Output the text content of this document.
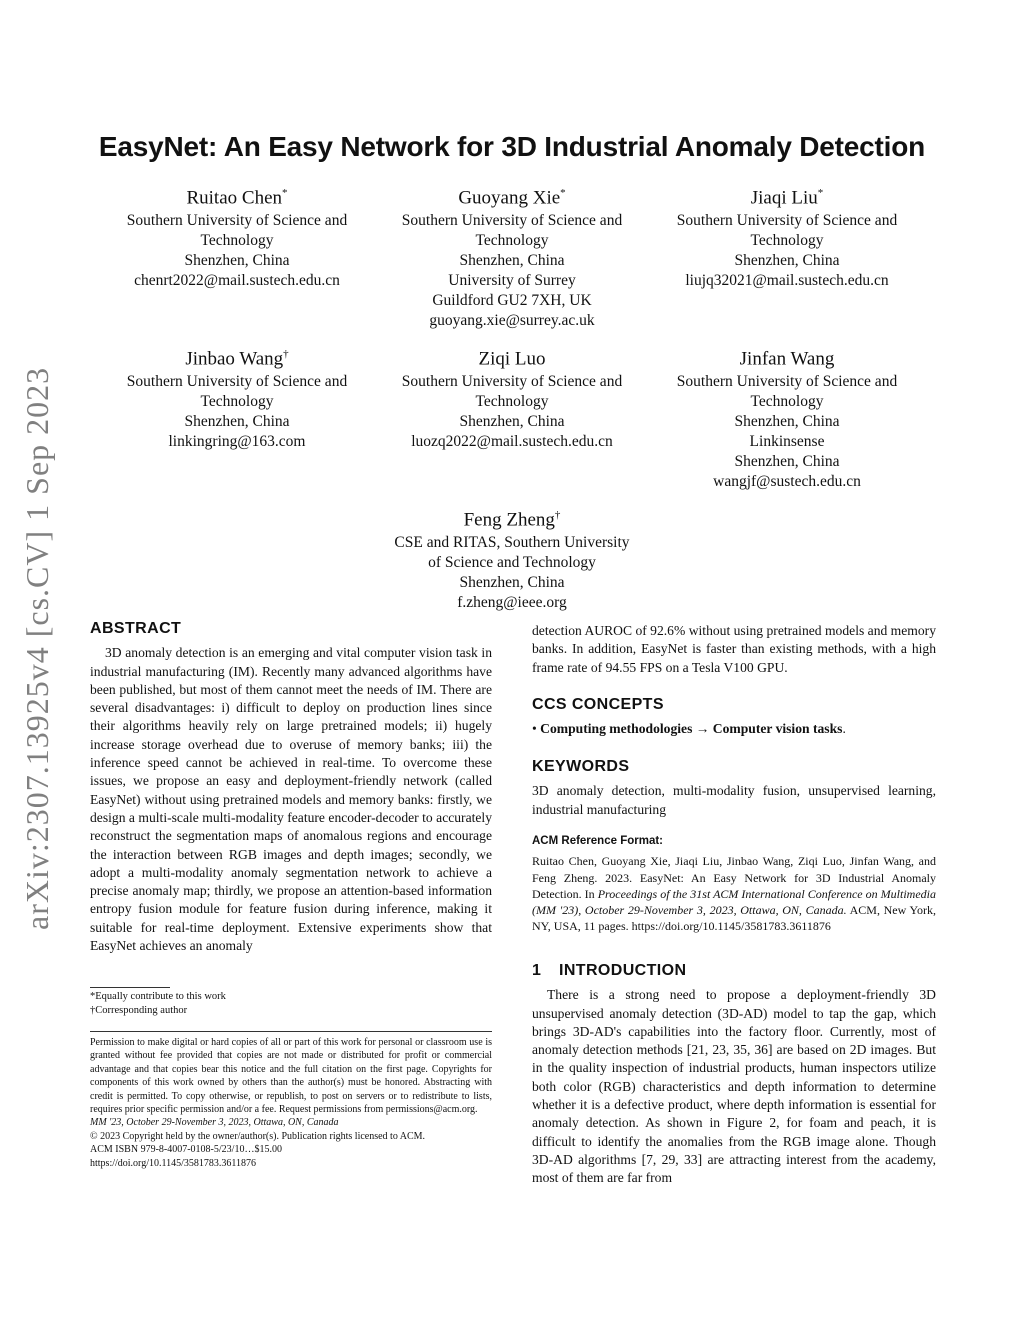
arXiv:2307.13925v4 [cs.CV] 1 Sep 2023
EasyNet: An Easy Network for 3D Industrial Anomaly Detection
Ruitao Chen*
Southern University of Science and
Technology
Shenzhen, China
chenrt2022@mail.sustech.edu.cn
Guoyang Xie*
Southern University of Science and
Technology
Shenzhen, China
University of Surrey
Guildford GU2 7XH, UK
guoyang.xie@surrey.ac.uk
Jiaqi Liu*
Southern University of Science and
Technology
Shenzhen, China
liujq32021@mail.sustech.edu.cn
Jinbao Wang†
Southern University of Science and
Technology
Shenzhen, China
linkingring@163.com
Ziqi Luo
Southern University of Science and
Technology
Shenzhen, China
luozq2022@mail.sustech.edu.cn
Jinfan Wang
Southern University of Science and
Technology
Shenzhen, China
Linkinsense
Shenzhen, China
wangjf@sustech.edu.cn
Feng Zheng†
CSE and RITAS, Southern University
of Science and Technology
Shenzhen, China
f.zheng@ieee.org
ABSTRACT

3D anomaly detection is an emerging and vital computer vision task in industrial manufacturing (IM). Recently many advanced algorithms have been published, but most of them cannot meet the needs of IM. There are several disadvantages: i) difficult to deploy on production lines since their algorithms heavily rely on large pretrained models; ii) hugely increase storage overhead due to overuse of memory banks; iii) the inference speed cannot be achieved in real-time. To overcome these issues, we propose an easy and deployment-friendly network (called EasyNet) without using pretrained models and memory banks: firstly, we design a multi-scale multi-modality feature encoder-decoder to accurately reconstruct the segmentation maps of anomalous regions and encourage the interaction between RGB images and depth images; secondly, we adopt a multi-modality anomaly segmentation network to achieve a precise anomaly map; thirdly, we propose an attention-based information entropy fusion module for feature fusion during inference, making it suitable for real-time deployment. Extensive experiments show that EasyNet achieves an anomaly

*Equally contribute to this work
†Corresponding author

Permission to make digital or hard copies of all or part of this work for personal or classroom use is granted without fee provided that copies are not made or distributed for profit or commercial advantage and that copies bear this notice and the full citation on the first page. Copyrights for components of this work owned by others than the author(s) must be honored. Abstracting with credit is permitted. To copy otherwise, or republish, to post on servers or to redistribute to lists, requires prior specific permission and/or a fee. Request permissions from permissions@acm.org.

MM '23, October 29-November 3, 2023, Ottawa, ON, Canada

© 2023 Copyright held by the owner/author(s). Publication rights licensed to ACM.

ACM ISBN 979-8-4007-0108-5/23/10…$15.00

https://doi.org/10.1145/3581783.3611876

detection AUROC of 92.6% without using pretrained models and memory banks. In addition, EasyNet is faster than existing methods, with a high frame rate of 94.55 FPS on a Tesla V100 GPU.

CCS CONCEPTS

• Computing methodologies → Computer vision tasks.

KEYWORDS

3D anomaly detection, multi-modality fusion, unsupervised learning, industrial manufacturing

ACM Reference Format:

Ruitao Chen, Guoyang Xie, Jiaqi Liu, Jinbao Wang, Ziqi Luo, Jinfan Wang, and Feng Zheng. 2023. EasyNet: An Easy Network for 3D Industrial Anomaly Detection. In Proceedings of the 31st ACM International Conference on Multimedia (MM '23), October 29-November 3, 2023, Ottawa, ON, Canada. ACM, New York, NY, USA, 11 pages. https://doi.org/10.1145/3581783.3611876

1 INTRODUCTION

There is a strong need to propose a deployment-friendly 3D unsupervised anomaly detection (3D-AD) model to tap the gap, which brings 3D-AD's capabilities into the factory floor. Currently, most of anomaly detection methods [21, 23, 35, 36] are based on 2D images. But in the quality inspection of industrial products, human inspectors utilize both color (RGB) characteristics and depth information to determine whether it is a defective product, where depth information is essential for anomaly detection. As shown in Figure 2, for foam and peach, it is difficult to identify the anomalies from the RGB image alone. Though 3D-AD algorithms [7, 29, 33] are attracting interest from the academy, most of them are far from
